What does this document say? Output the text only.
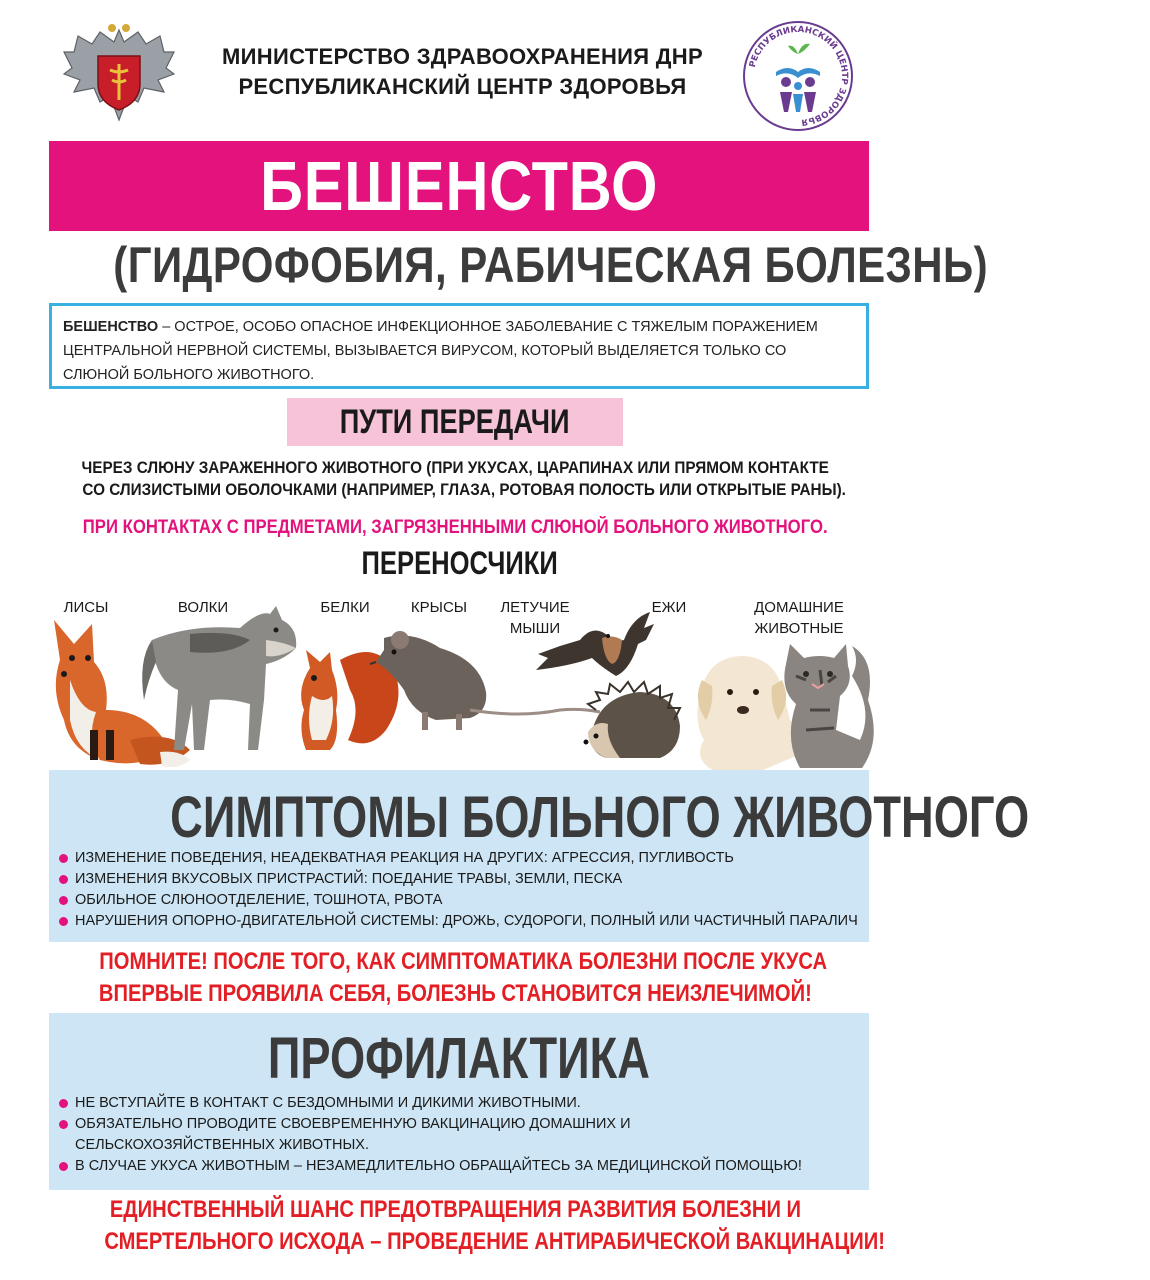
МИНИСТЕРСТВО ЗДРАВООХРАНЕНИЯ ДНР
РЕСПУБЛИКАНСКИЙ ЦЕНТР ЗДОРОВЬЯ
РЕСПУБЛИКАНСКИЙ ЦЕНТР ЗДОРОВЬЯ
БЕШЕНСТВО
(ГИДРОФОБИЯ, РАБИЧЕСКАЯ БОЛЕЗНЬ)
БЕШЕНСТВО – ОСТРОЕ, ОСОБО ОПАСНОЕ ИНФЕКЦИОННОЕ ЗАБОЛЕВАНИЕ С ТЯЖЕЛЫМ ПОРАЖЕНИЕМ ЦЕНТРАЛЬНОЙ НЕРВНОЙ СИСТЕМЫ, ВЫЗЫВАЕТСЯ ВИРУСОМ, КОТОРЫЙ ВЫДЕЛЯЕТСЯ ТОЛЬКО СО СЛЮНОЙ БОЛЬНОГО ЖИВОТНОГО.
ПУТИ ПЕРЕДАЧИ
ЧЕРЕЗ СЛЮНУ ЗАРАЖЕННОГО ЖИВОТНОГО (ПРИ УКУСАХ, ЦАРАПИНАХ ИЛИ ПРЯМОМ КОНТАКТЕ
СО СЛИЗИСТЫМИ ОБОЛОЧКАМИ (НАПРИМЕР, ГЛАЗА, РОТОВАЯ ПОЛОСТЬ ИЛИ ОТКРЫТЫЕ РАНЫ).
ПРИ КОНТАКТАХ С ПРЕДМЕТАМИ, ЗАГРЯЗНЕННЫМИ СЛЮНОЙ БОЛЬНОГО ЖИВОТНОГО.
ПЕРЕНОСЧИКИ
ЛИСЫ	ВОЛКИ	БЕЛКИ	КРЫСЫ	ЛЕТУЧИЕ
МЫШИ
ЕЖИ	ДОМАШНИЕ
ЖИВОТНЫЕ
СИМПТОМЫ БОЛЬНОГО ЖИВОТНОГО
ИЗМЕНЕНИЕ ПОВЕДЕНИЯ, НЕАДЕКВАТНАЯ РЕАКЦИЯ НА ДРУГИХ: АГРЕССИЯ, ПУГЛИВОСТЬ
ИЗМЕНЕНИЯ ВКУСОВЫХ ПРИСТРАСТИЙ: ПОЕДАНИЕ ТРАВЫ, ЗЕМЛИ, ПЕСКА
ОБИЛЬНОЕ СЛЮНООТДЕЛЕНИЕ, ТОШНОТА, РВОТА
НАРУШЕНИЯ ОПОРНО-ДВИГАТЕЛЬНОЙ СИСТЕМЫ: ДРОЖЬ, СУДОРОГИ, ПОЛНЫЙ ИЛИ ЧАСТИЧНЫЙ ПАРАЛИЧ
ПОМНИТЕ! ПОСЛЕ ТОГО, КАК СИМПТОМАТИКА БОЛЕЗНИ ПОСЛЕ УКУСА
ВПЕРВЫЕ ПРОЯВИЛА СЕБЯ, БОЛЕЗНЬ СТАНОВИТСЯ НЕИЗЛЕЧИМОЙ!
ПРОФИЛАКТИКА
НЕ ВСТУПАЙТЕ В КОНТАКТ С БЕЗДОМНЫМИ И ДИКИМИ ЖИВОТНЫМИ.
ОБЯЗАТЕЛЬНО ПРОВОДИТЕ СВОЕВРЕМЕННУЮ ВАКЦИНАЦИЮ ДОМАШНИХ И СЕЛЬСКОХОЗЯЙСТВЕННЫХ ЖИВОТНЫХ.
В СЛУЧАЕ УКУСА ЖИВОТНЫМ – НЕЗАМЕДЛИТЕЛЬНО ОБРАЩАЙТЕСЬ ЗА МЕДИЦИНСКОЙ ПОМОЩЬЮ!
ЕДИНСТВЕННЫЙ ШАНС ПРЕДОТВРАЩЕНИЯ РАЗВИТИЯ БОЛЕЗНИ И
СМЕРТЕЛЬНОГО ИСХОДА – ПРОВЕДЕНИЕ АНТИРАБИЧЕСКОЙ ВАКЦИНАЦИИ!
